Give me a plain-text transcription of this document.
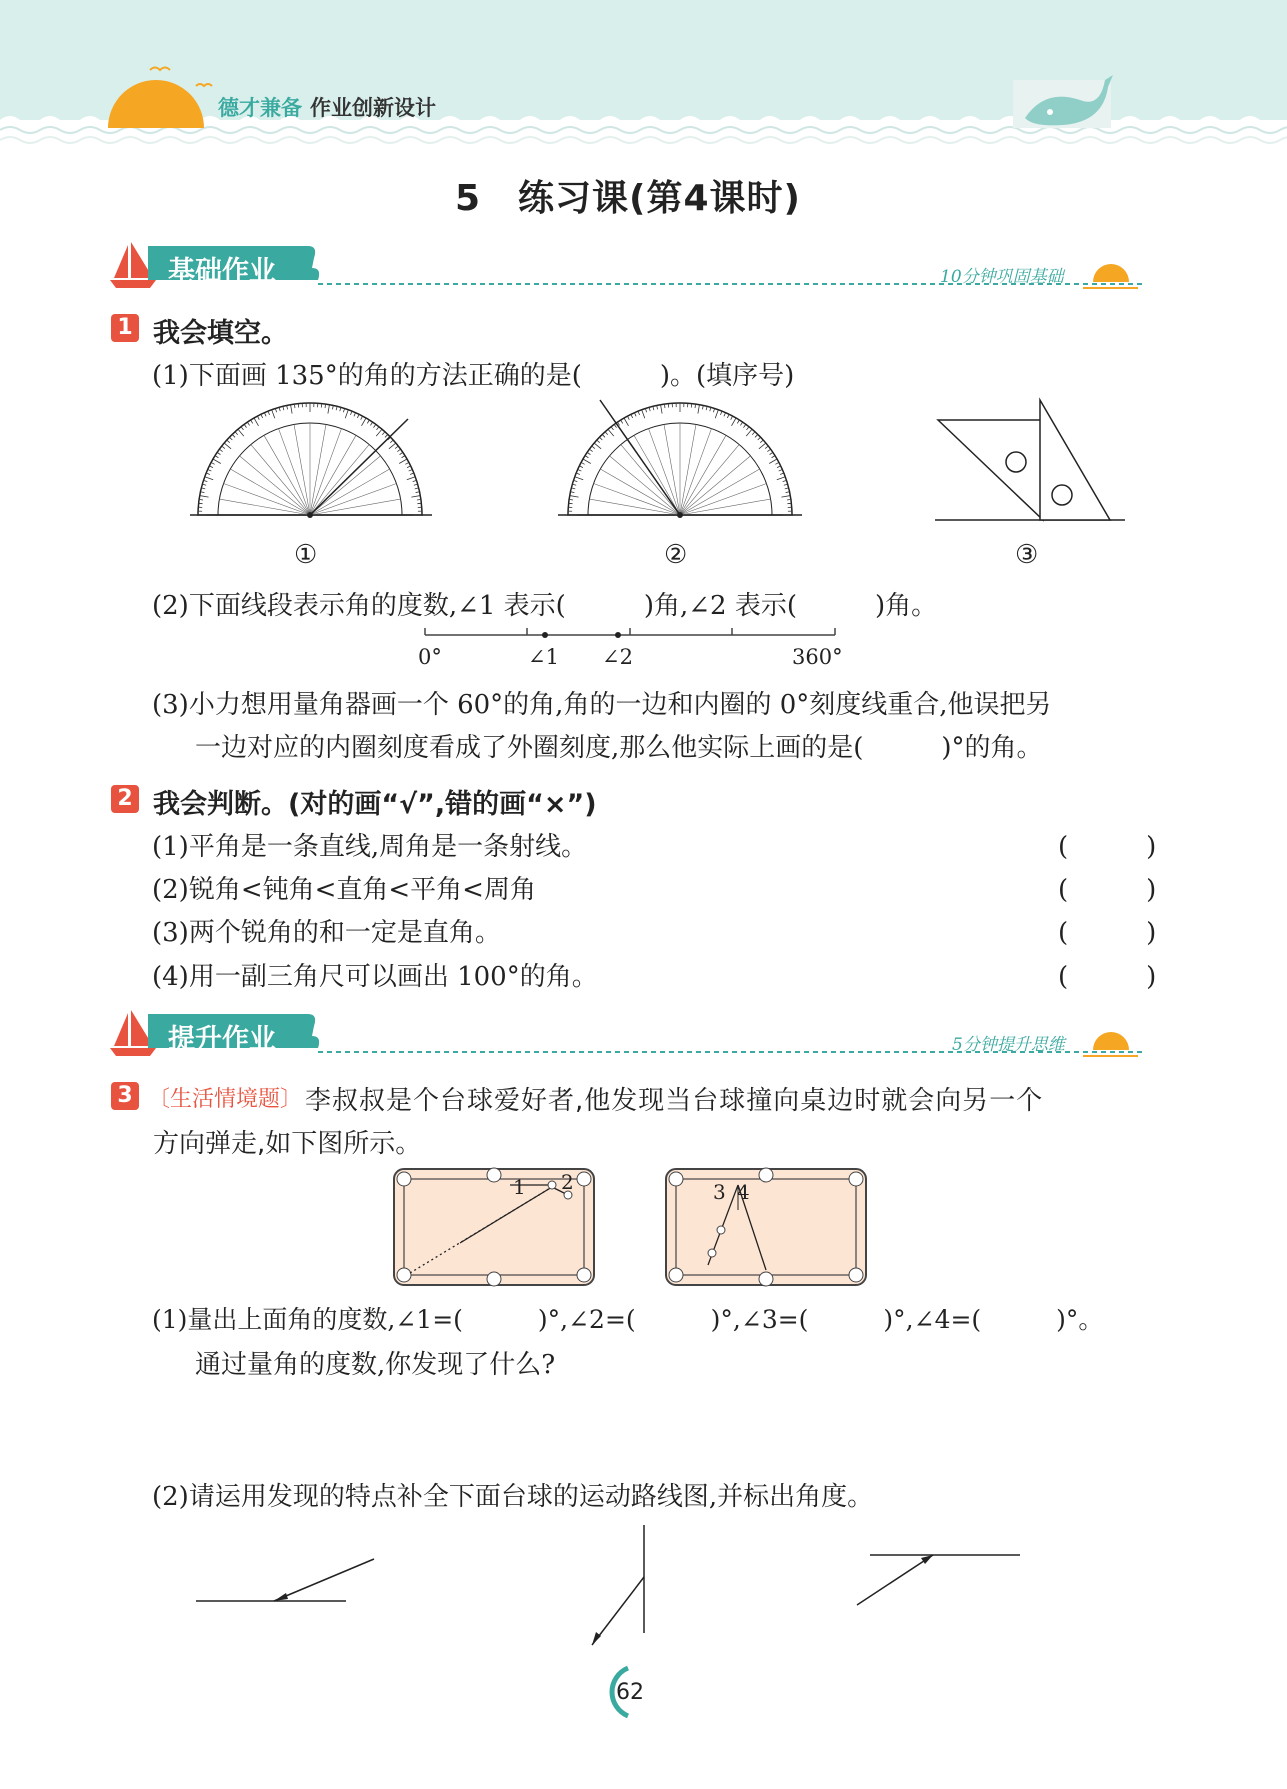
德才兼备 作业创新设计
5　练习课(第4课时)
基础作业	10分钟巩固基础
1 我会填空。
(1)下面画 135°的角的方法正确的是(　　　)。(填序号)
①	②	③
(2)下面线段表示角的度数,∠1 表示(　　　)角,∠2 表示(　　　)角。
0°	∠1 ∠2	360°
(3)小力想用量角器画一个 60°的角,角的一边和内圈的 0°刻度线重合,他误把另
一边对应的内圈刻度看成了外圈刻度,那么他实际上画的是(　　　)°的角。
2 我会判断。(对的画“√”,错的画“×”)
(1)平角是一条直线,周角是一条射线。	(　　　)
(2)锐角<钝角<直角<平角<周角	(　　　)
(3)两个锐角的和一定是直角。	(　　　)
(4)用一副三角尺可以画出 100°的角。	(　　　)
提升作业	5分钟提升思维
3 〔生活情境题〕 李叔叔是个台球爱好者,他发现当台球撞向桌边时就会向另一个
方向弹走,如下图所示。
1 2	3 4
(1)量出上面角的度数,∠1=(　　　)°,∠2=(　　　)°,∠3=(　　　)°,∠4=(　　　)°。
通过量角的度数,你发现了什么?
(2)请运用发现的特点补全下面台球的运动路线图,并标出角度。
62
